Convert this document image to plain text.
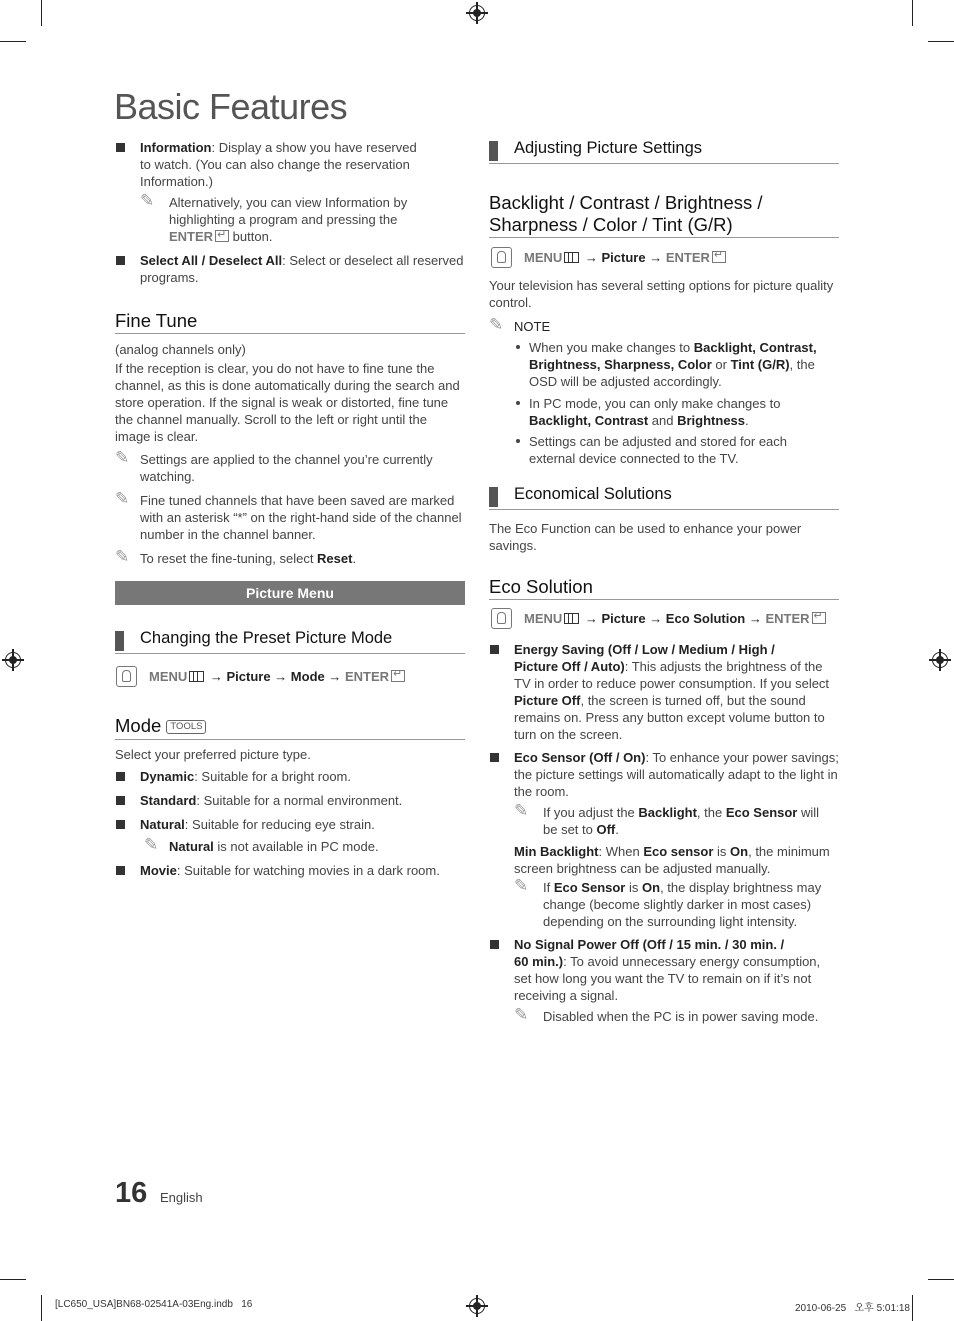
Basic Features
Information: Display a show you have reserved to watch. (You can also change the reservation Information.)
✎ Alternatively, you can view Information by highlighting a program and pressing the ENTER↵ button.
Select All / Deselect All: Select or deselect all reserved programs.
Fine Tune
(analog channels only)
If the reception is clear, you do not have to fine tune the channel, as this is done automatically during the search and store operation. If the signal is weak or distorted, fine tune the channel manually. Scroll to the left or right until the image is clear.
✎ Settings are applied to the channel you’re currently watching.
✎ Fine tuned channels that have been saved are marked with an asterisk “*” on the right-hand side of the channel number in the channel banner.
✎ To reset the fine-tuning, select Reset.
Picture Menu
Changing the Preset Picture Mode
MENU → Picture → Mode → ENTER↵
Mode TOOLS
Select your preferred picture type.
Dynamic: Suitable for a bright room.
Standard: Suitable for a normal environment.
Natural: Suitable for reducing eye strain.
✎ Natural is not available in PC mode.
Movie: Suitable for watching movies in a dark room.
Adjusting Picture Settings
Backlight / Contrast / Brightness /
Sharpness / Color / Tint (G/R)
MENU → Picture → ENTER↵
Your television has several setting options for picture quality control.
✎ NOTE
When you make changes to Backlight, Contrast, Brightness, Sharpness, Color or Tint (G/R), the OSD will be adjusted accordingly.
In PC mode, you can only make changes to Backlight, Contrast and Brightness.
Settings can be adjusted and stored for each external device connected to the TV.
Economical Solutions
The Eco Function can be used to enhance your power savings.
Eco Solution
MENU → Picture → Eco Solution → ENTER↵
Energy Saving (Off / Low / Medium / High /
Picture Off / Auto): This adjusts the brightness of the TV in order to reduce power consumption. If you select Picture Off, the screen is turned off, but the sound remains on. Press any button except volume button to turn on the screen.
Eco Sensor (Off / On): To enhance your power savings; the picture settings will automatically adapt to the light in the room.
✎ If you adjust the Backlight, the Eco Sensor will be set to Off.
Min Backlight: When Eco sensor is On, the minimum screen brightness can be adjusted manually.
✎ If Eco Sensor is On, the display brightness may change (become slightly darker in most cases) depending on the surrounding light intensity.
No Signal Power Off (Off / 15 min. / 30 min. /
60 min.): To avoid unnecessary energy consumption, set how long you want the TV to remain on if it’s not receiving a signal.
✎ Disabled when the PC is in power saving mode.
16 English
[LC650_USA]BN68-02541A-03Eng.indb   16	2010-06-25   오후 5:01:18
